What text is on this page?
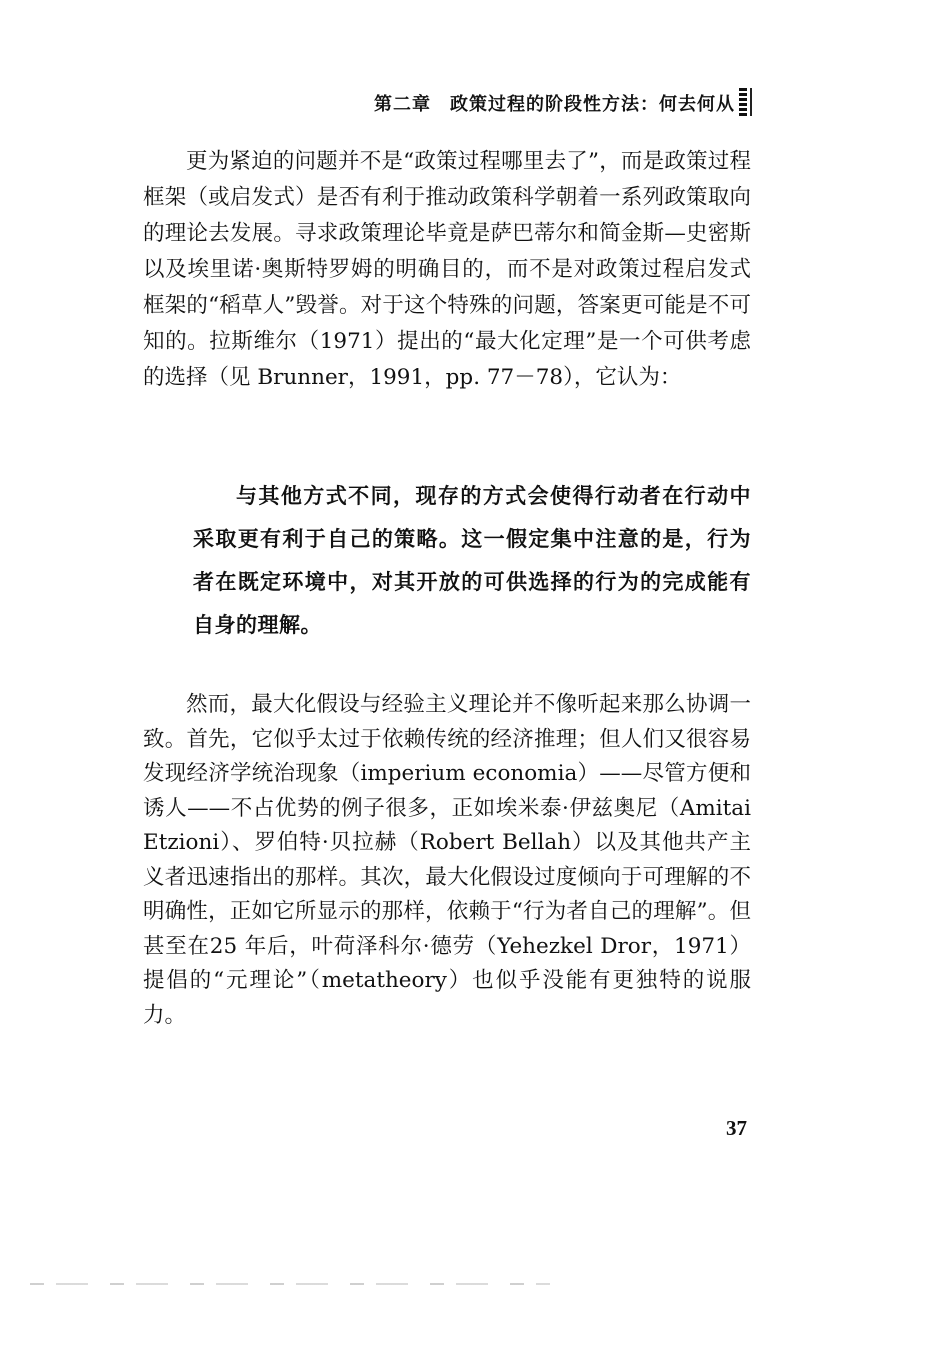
第二章　政策过程的阶段性方法：何去何从

更为紧迫的问题并不是“政策过程哪里去了”，而是政策过程框架（或启发式）是否有利于推动政策科学朝着一系列政策取向的理论去发展。寻求政策理论毕竟是萨巴蒂尔和简金斯—史密斯以及埃里诺·奥斯特罗姆的明确目的，而不是对政策过程启发式框架的“稻草人”毁誉。对于这个特殊的问题，答案更可能是不可知的。拉斯维尔（1971）提出的“最大化定理”是一个可供考虑的选择（见 Brunner，1991，pp. 77－78），它认为：

与其他方式不同，现存的方式会使得行动者在行动中采取更有利于自己的策略。这一假定集中注意的是，行为者在既定环境中，对其开放的可供选择的行为的完成能有自身的理解。

然而，最大化假设与经验主义理论并不像听起来那么协调一致。首先，它似乎太过于依赖传统的经济推理；但人们又很容易发现经济学统治现象（imperium economia）——尽管方便和诱人——不占优势的例子很多，正如埃米泰·伊兹奥尼（Amitai Etzioni）、罗伯特·贝拉赫（Robert Bellah）以及其他共产主义者迅速指出的那样。其次，最大化假设过度倾向于可理解的不明确性，正如它所显示的那样，依赖于“行为者自己的理解”。但甚至在25 年后，叶荷泽科尔·德劳（Yehezkel Dror，1971）提倡的“元理论”（metatheory）也似乎没能有更独特的说服力。

37
